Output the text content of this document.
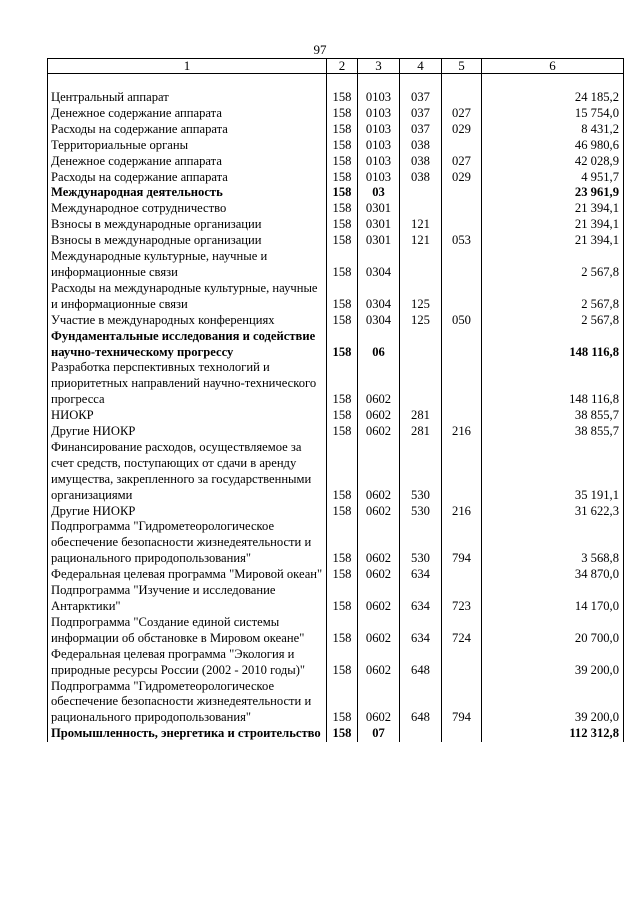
97
1	2	3	4	5	6

Центральный аппарат	158	0103	037		24 185,2
Денежное содержание аппарата	158	0103	037	027	15 754,0
Расходы на содержание аппарата	158	0103	037	029	8 431,2
Территориальные органы	158	0103	038		46 980,6
Денежное содержание аппарата	158	0103	038	027	42 028,9
Расходы на содержание аппарата	158	0103	038	029	4 951,7
Международная деятельность	158	03			23 961,9
Международное сотрудничество	158	0301			21 394,1
Взносы в международные организации	158	0301	121		21 394,1
Взносы в международные организации	158	0301	121	053	21 394,1
Международные культурные, научные и информационные связи	158	0304			2 567,8
Расходы на международные культурные, научные и информационные связи	158	0304	125		2 567,8
Участие в международных конференциях	158	0304	125	050	2 567,8
Фундаментальные исследования и содействие научно-техническому прогрессу	158	06			148 116,8
Разработка перспективных технологий и приоритетных направлений научно-технического прогресса	158	0602			148 116,8
НИОКР	158	0602	281		38 855,7
Другие НИОКР	158	0602	281	216	38 855,7
Финансирование расходов, осуществляемое за счет средств, поступающих от сдачи в аренду имущества, закрепленного за государственными организациями	158	0602	530		35 191,1
Другие НИОКР	158	0602	530	216	31 622,3
Подпрограмма "Гидрометеорологическое обеспечение безопасности жизнедеятельности и рационального природопользования"	158	0602	530	794	3 568,8
Федеральная целевая программа "Мировой океан"	158	0602	634		34 870,0
Подпрограмма "Изучение и исследование Антарктики"	158	0602	634	723	14 170,0
Подпрограмма "Создание единой системы информации об обстановке в Мировом океане"	158	0602	634	724	20 700,0
Федеральная целевая программа "Экология и природные ресурсы России (2002 - 2010 годы)"	158	0602	648		39 200,0
Подпрограмма "Гидрометеорологическое обеспечение безопасности жизнедеятельности и рационального природопользования"	158	0602	648	794	39 200,0
Промышленность, энергетика и строительство	158	07			112 312,8
